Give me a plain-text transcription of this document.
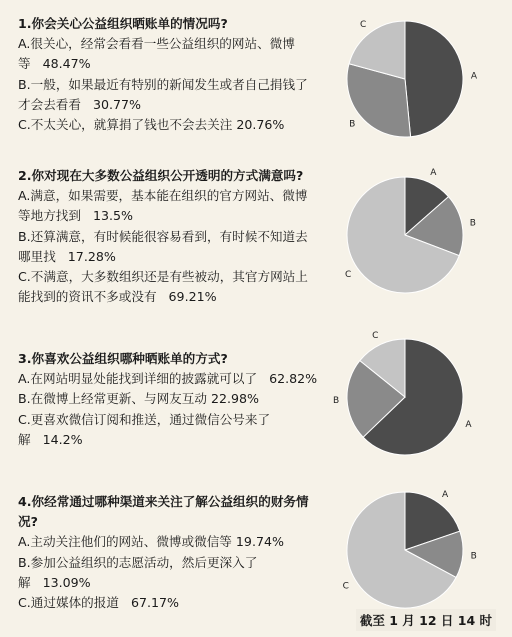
1.你会关心公益组织晒账单的情况吗?

A.很关心，经常会看看一些公益组织的网站、微博等 48.47%

B.一般，如果最近有特别的新闻发生或者自己捐钱了才会去看看 30.77%

C.不太关心，就算捐了钱也不会去关注 20.76%

2.你对现在大多数公益组织公开透明的方式满意吗?

A.满意，如果需要，基本能在组织的官方网站、微博等地方找到 13.5%

B.还算满意，有时候能很容易看到，有时候不知道去哪里找 17.28%

C.不满意，大多数组织还是有些被动，其官方网站上能找到的资讯不多或没有 69.21%

3.你喜欢公益组织哪种晒账单的方式?

A.在网站明显处能找到详细的披露就可以了 62.82%

B.在微博上经常更新、与网友互动 22.98%

C.更喜欢微信订阅和推送，通过微信公号来了解 14.2%

4.你经常通过哪种渠道来关注了解公益组织的财务情况?

A.主动关注他们的网站、微博或微信等 19.74%

B.参加公益组织的志愿活动，然后更深入了解 13.09%

C.通过媒体的报道 67.17%

A
B
C
A
B
C
A
B
C
A
B
C
截至 1 月 12 日 14 时
